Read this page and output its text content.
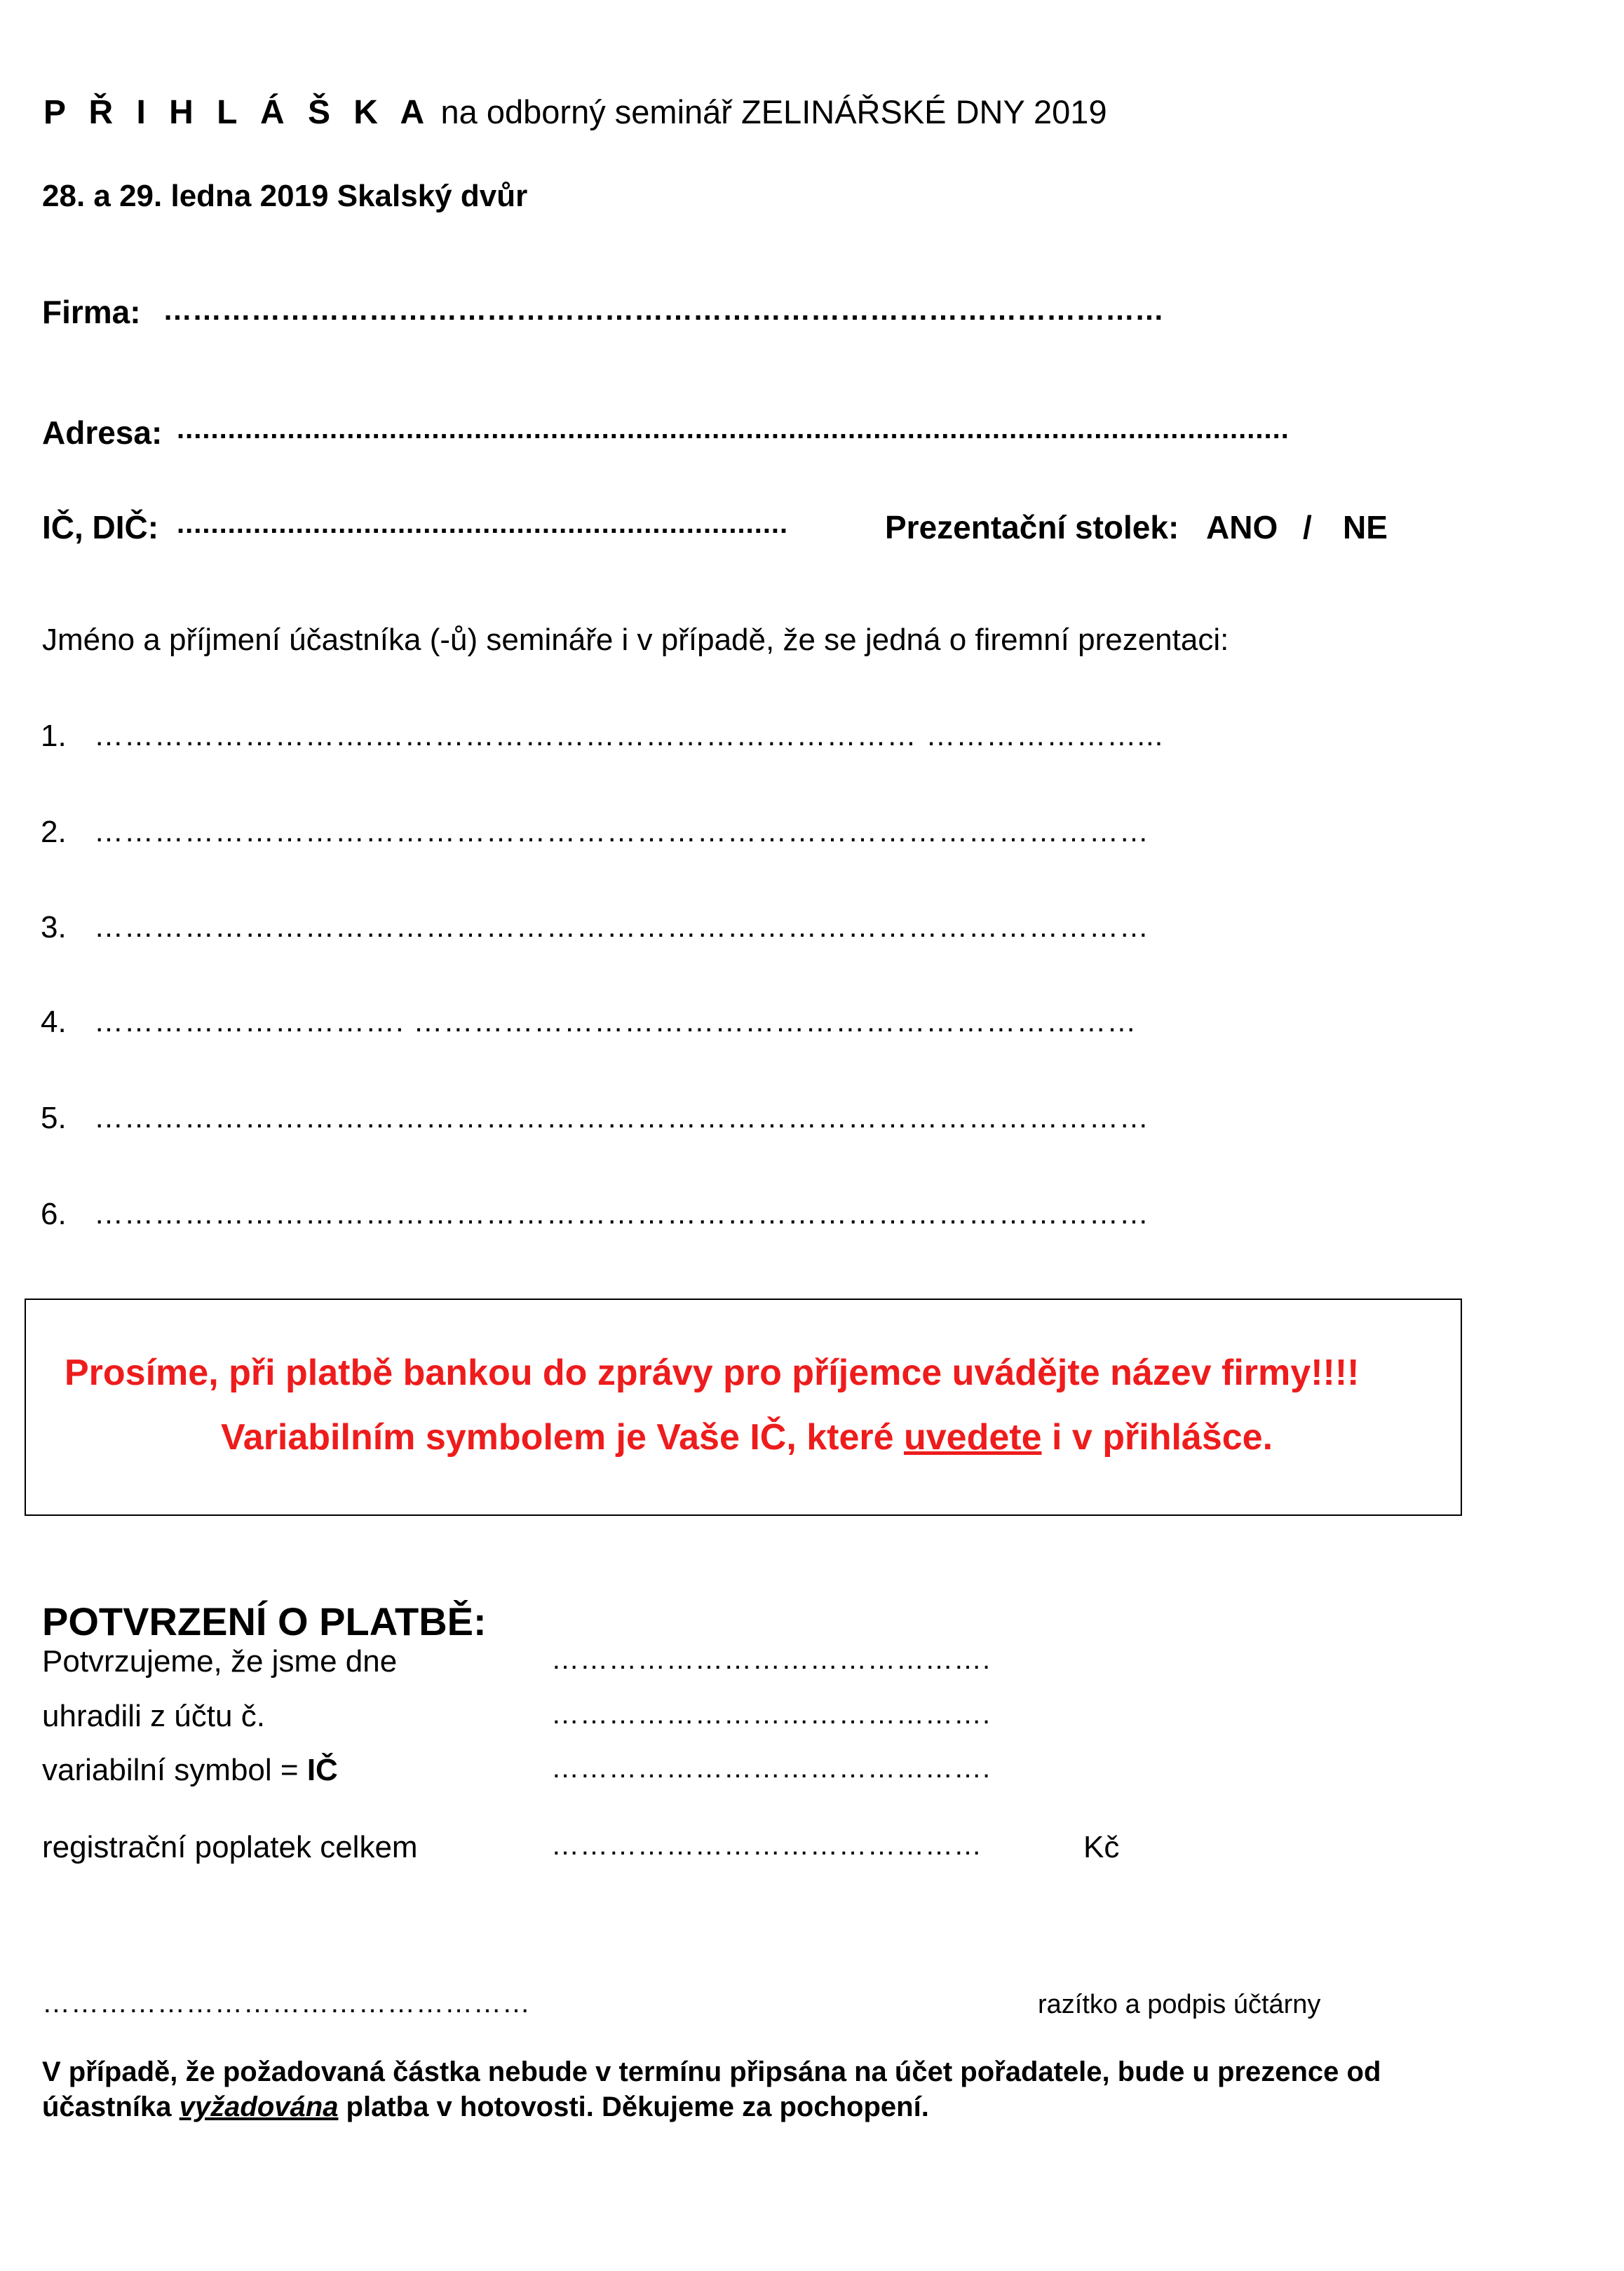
P Ř I H L Á Š K A na odborný seminář ZELINÁŘSKÉ DNY 2019
28. a 29. ledna 2019 Skalský dvůr
Firma: …………………………………………………………………………………………
Adresa: ...................................................................................................................................
IČ, DIČ: ........................................................................	Prezentační stolek: ANO / NE
Jméno a příjmení účastníka (-ů) semináře i v případě, že se jedná o firemní prezentaci:
1. ……………………….……………………………………………… …………………...
2. ……………………………………………………………………………………………
3. ……………………………………………………………………………………………
4. …………………………. ………………………………………………………………
5. ……………………………………………………………………………………………
6. ……………………………………………………………………………………………
Prosíme, při platbě bankou do zprávy pro příjemce uvádějte název firmy!!!!
Variabilním symbolem je Vaše IČ, které uvedete i v přihlášce.
POTVRZENÍ O PLATBĚ:
Potvrzujeme, že jsme dne	……………………………………….
uhradili z účtu č.	……………………………………….
variabilní symbol = IČ	……………………………………….
registrační poplatek celkem	………………………………………	Kč
……………………………………………	razítko a podpis účtárny
V případě, že požadovaná částka nebude v termínu připsána na účet pořadatele, bude u prezence od
účastníka vyžadována platba v hotovosti. Děkujeme za pochopení.
